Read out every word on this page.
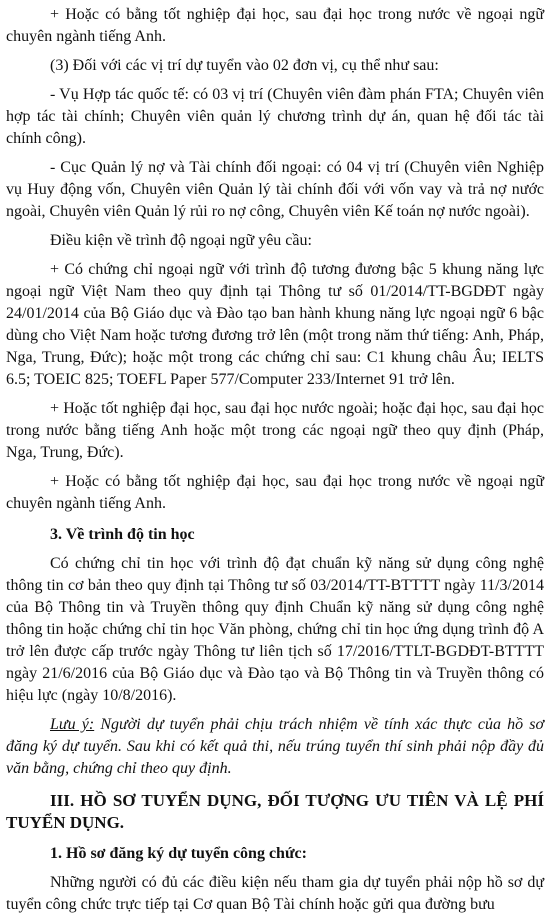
+ Hoặc có bằng tốt nghiệp đại học, sau đại học trong nước về ngoại ngữ chuyên ngành tiếng Anh.

(3) Đối với các vị trí dự tuyển vào 02 đơn vị, cụ thể như sau:

- Vụ Hợp tác quốc tế: có 03 vị trí (Chuyên viên đàm phán FTA; Chuyên viên hợp tác tài chính; Chuyên viên quản lý chương trình dự án, quan hệ đối tác tài chính công).

- Cục Quản lý nợ và Tài chính đối ngoại: có 04 vị trí (Chuyên viên Nghiệp vụ Huy động vốn, Chuyên viên Quản lý tài chính đối với vốn vay và trả nợ nước ngoài, Chuyên viên Quản lý rủi ro nợ công, Chuyên viên Kế toán nợ nước ngoài).

Điều kiện về trình độ ngoại ngữ yêu cầu:

+ Có chứng chỉ ngoại ngữ với trình độ tương đương bậc 5 khung năng lực ngoại ngữ Việt Nam theo quy định tại Thông tư số 01/2014/TT-BGDĐT ngày 24/01/2014 của Bộ Giáo dục và Đào tạo ban hành khung năng lực ngoại ngữ 6 bậc dùng cho Việt Nam hoặc tương đương trở lên (một trong năm thứ tiếng: Anh, Pháp, Nga, Trung, Đức); hoặc một trong các chứng chỉ sau: C1 khung châu Âu; IELTS 6.5; TOEIC 825; TOEFL Paper 577/Computer 233/Internet 91 trở lên.

+ Hoặc tốt nghiệp đại học, sau đại học nước ngoài; hoặc đại học, sau đại học trong nước bằng tiếng Anh hoặc một trong các ngoại ngữ theo quy định (Pháp, Nga, Trung, Đức).

+ Hoặc có bằng tốt nghiệp đại học, sau đại học trong nước về ngoại ngữ chuyên ngành tiếng Anh.

3. Về trình độ tin học

Có chứng chỉ tin học với trình độ đạt chuẩn kỹ năng sử dụng công nghệ thông tin cơ bản theo quy định tại Thông tư số 03/2014/TT-BTTTT ngày 11/3/2014 của Bộ Thông tin và Truyền thông quy định Chuẩn kỹ năng sử dụng công nghệ thông tin hoặc chứng chỉ tin học Văn phòng, chứng chỉ tin học ứng dụng trình độ A trở lên được cấp trước ngày Thông tư liên tịch số 17/2016/TTLT-BGDĐT-BTTTT ngày 21/6/2016 của Bộ Giáo dục và Đào tạo và Bộ Thông tin và Truyền thông có hiệu lực (ngày 10/8/2016).

Lưu ý: Người dự tuyển phải chịu trách nhiệm về tính xác thực của hồ sơ đăng ký dự tuyển. Sau khi có kết quả thi, nếu trúng tuyển thí sinh phải nộp đầy đủ văn bằng, chứng chỉ theo quy định.

III. HỒ SƠ TUYỂN DỤNG, ĐỐI TƯỢNG ƯU TIÊN VÀ LỆ PHÍ TUYỂN DỤNG.

1. Hồ sơ đăng ký dự tuyển công chức:

Những người có đủ các điều kiện nếu tham gia dự tuyển phải nộp hồ sơ dự tuyển công chức trực tiếp tại Cơ quan Bộ Tài chính hoặc gửi qua đường bưu
